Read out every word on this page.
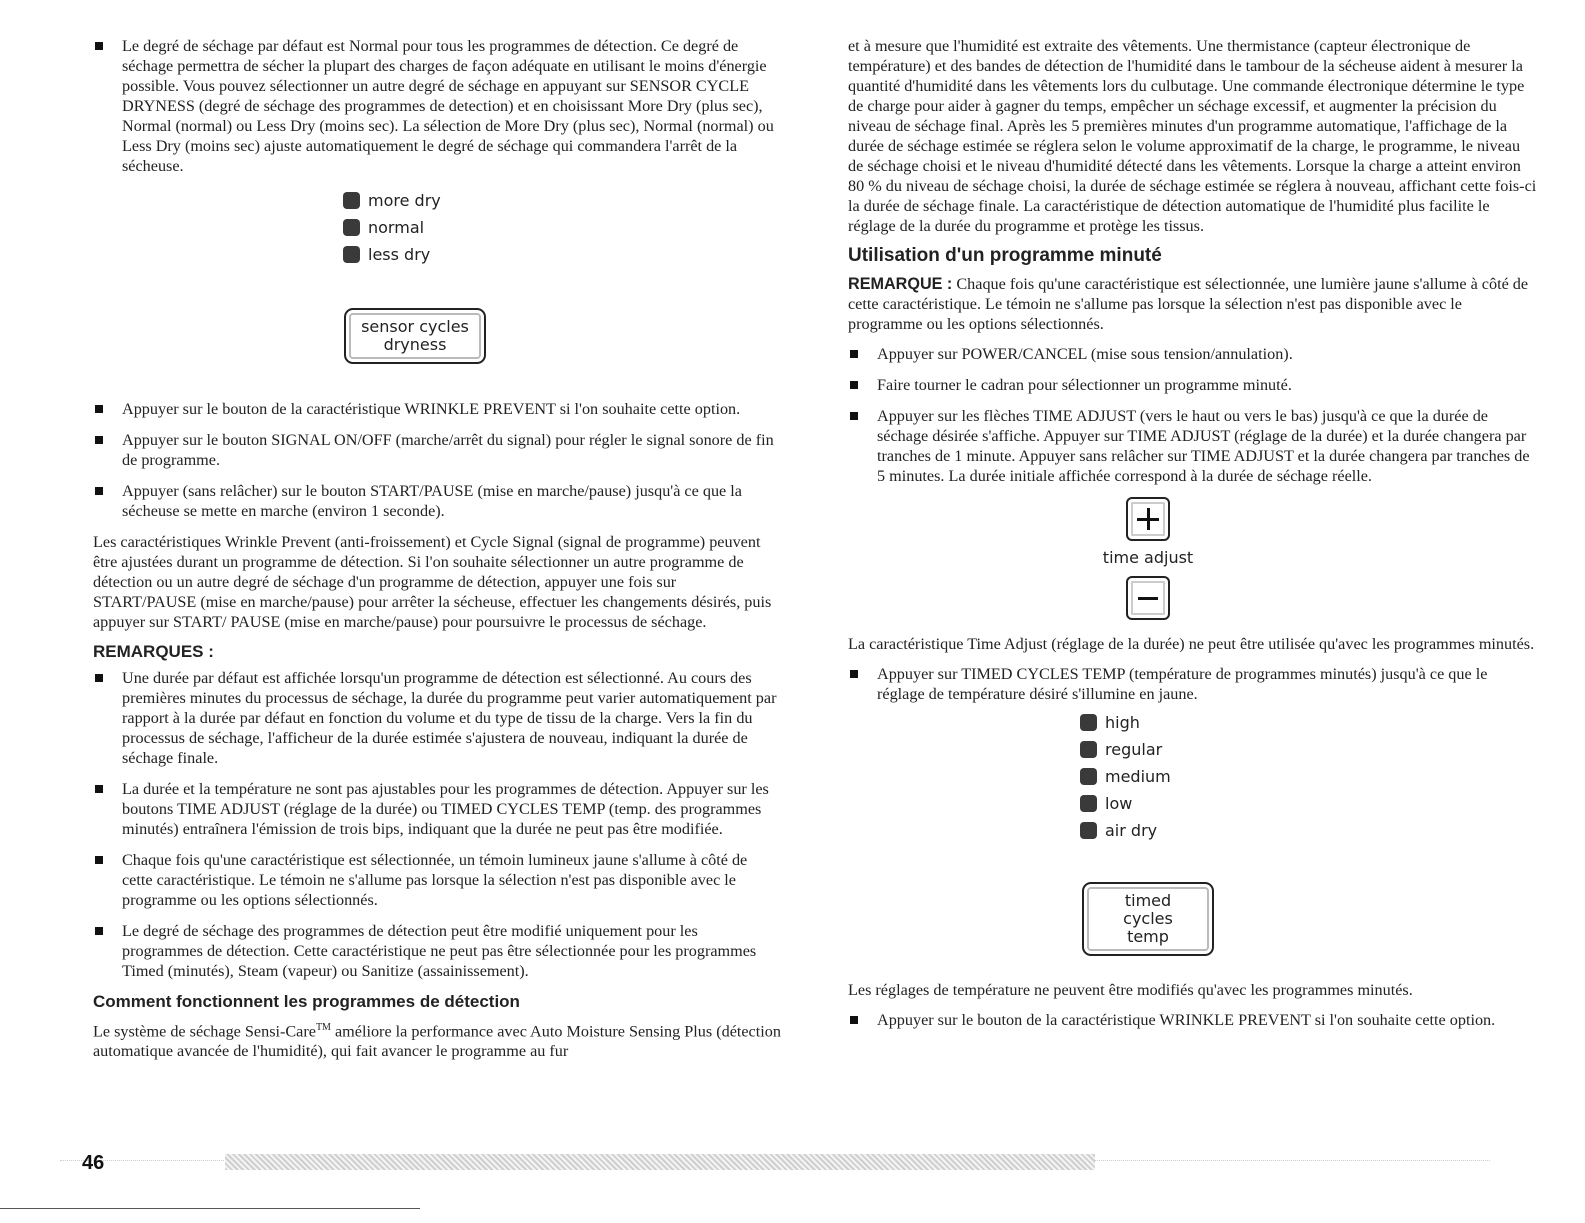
Le degré de séchage par défaut est Normal pour tous les programmes de détection. Ce degré de séchage permettra de sécher la plupart des charges de façon adéquate en utilisant le moins d'énergie possible. Vous pouvez sélectionner un autre degré de séchage en appuyant sur SENSOR CYCLE DRYNESS (degré de séchage des programmes de detection) et en choisissant More Dry (plus sec), Normal (normal) ou Less Dry (moins sec). La sélection de More Dry (plus sec), Normal (normal) ou Less Dry (moins sec) ajuste automatiquement le degré de séchage qui commandera l'arrêt de la sécheuse.
more dry
normal
less dry
sensor cycles
dryness
Appuyer sur le bouton de la caractéristique WRINKLE PREVENT si l'on souhaite cette option.
Appuyer sur le bouton SIGNAL ON/OFF (marche/arrêt du signal) pour régler le signal sonore de fin de programme.
Appuyer (sans relâcher) sur le bouton START/PAUSE (mise en marche/pause) jusqu'à ce que la sécheuse se mette en marche (environ 1 seconde).

Les caractéristiques Wrinkle Prevent (anti-froissement) et Cycle Signal (signal de programme) peuvent être ajustées durant un programme de détection. Si l'on souhaite sélectionner un autre programme de détection ou un autre degré de séchage d'un programme de détection, appuyer une fois sur START/PAUSE (mise en marche/pause) pour arrêter la sécheuse, effectuer les changements désirés, puis appuyer sur START/ PAUSE (mise en marche/pause) pour poursuivre le processus de séchage.

REMARQUES :
Une durée par défaut est affichée lorsqu'un programme de détection est sélectionné. Au cours des premières minutes du processus de séchage, la durée du programme peut varier automatiquement par rapport à la durée par défaut en fonction du volume et du type de tissu de la charge. Vers la fin du processus de séchage, l'afficheur de la durée estimée s'ajustera de nouveau, indiquant la durée de séchage finale.
La durée et la température ne sont pas ajustables pour les programmes de détection. Appuyer sur les boutons TIME ADJUST (réglage de la durée) ou TIMED CYCLES TEMP (temp. des programmes minutés) entraînera l'émission de trois bips, indiquant que la durée ne peut pas être modifiée.
Chaque fois qu'une caractéristique est sélectionnée, un témoin lumineux jaune s'allume à côté de cette caractéristique. Le témoin ne s'allume pas lorsque la sélection n'est pas disponible avec le programme ou les options sélectionnés.
Le degré de séchage des programmes de détection peut être modifié uniquement pour les programmes de détection. Cette caractéristique ne peut pas être sélectionnée pour les programmes Timed (minutés), Steam (vapeur) ou Sanitize (assainissement).
Comment fonctionnent les programmes de détection

Le système de séchage Sensi-Care™ améliore la performance avec Auto Moisture Sensing Plus (détection automatique avancée de l'humidité), qui fait avancer le programme au fur

et à mesure que l'humidité est extraite des vêtements. Une thermistance (capteur électronique de température) et des bandes de détection de l'humidité dans le tambour de la sécheuse aident à mesurer la quantité d'humidité dans les vêtements lors du culbutage. Une commande électronique détermine le type de charge pour aider à gagner du temps, empêcher un séchage excessif, et augmenter la précision du niveau de séchage final. Après les 5 premières minutes d'un programme automatique, l'affichage de la durée de séchage estimée se réglera selon le volume approximatif de la charge, le programme, le niveau de séchage choisi et le niveau d'humidité détecté dans les vêtements. Lorsque la charge a atteint environ 80 % du niveau de séchage choisi, la durée de séchage estimée se réglera à nouveau, affichant cette fois-ci la durée de séchage finale. La caractéristique de détection automatique de l'humidité plus facilite le réglage de la durée du programme et protège les tissus.

Utilisation d'un programme minuté

REMARQUE : Chaque fois qu'une caractéristique est sélectionnée, une lumière jaune s'allume à côté de cette caractéristique. Le témoin ne s'allume pas lorsque la sélection n'est pas disponible avec le programme ou les options sélectionnés.

Appuyer sur POWER/CANCEL (mise sous tension/annulation).
Faire tourner le cadran pour sélectionner un programme minuté.
Appuyer sur les flèches TIME ADJUST (vers le haut ou vers le bas) jusqu'à ce que la durée de séchage désirée s'affiche. Appuyer sur TIME ADJUST (réglage de la durée) et la durée changera par tranches de 1 minute. Appuyer sans relâcher sur TIME ADJUST et la durée changera par tranches de 5 minutes. La durée initiale affichée correspond à la durée de séchage réelle.
time adjust

La caractéristique Time Adjust (réglage de la durée) ne peut être utilisée qu'avec les programmes minutés.

Appuyer sur TIMED CYCLES TEMP (température de programmes minutés) jusqu'à ce que le réglage de température désiré s'illumine en jaune.
high
regular
medium
low
air dry
timed cycles
temp

Les réglages de température ne peuvent être modifiés qu'avec les programmes minutés.

Appuyer sur le bouton de la caractéristique WRINKLE PREVENT si l'on souhaite cette option.
46
